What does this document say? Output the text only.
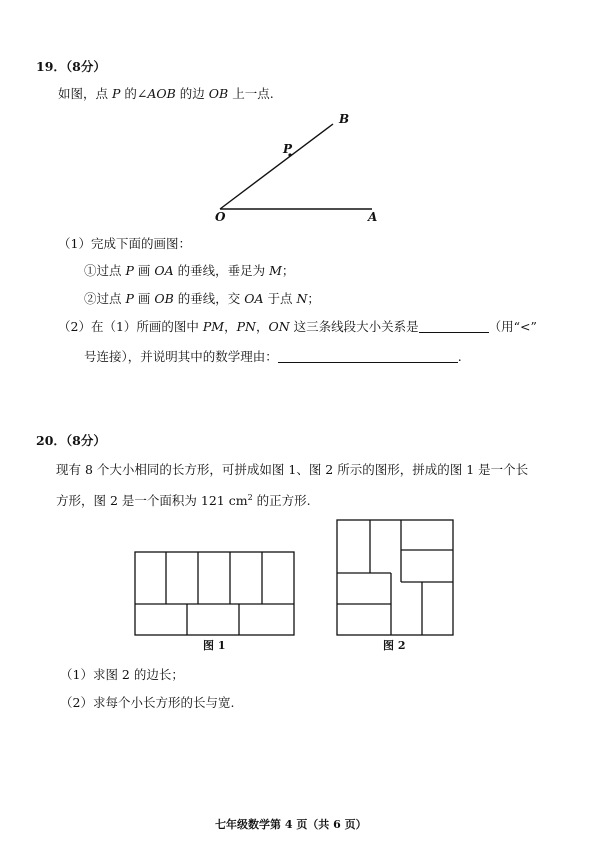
19．（8分）
如图，点 P 的∠AOB 的边 OB 上一点.
B
P
O	A
（1）完成下面的画图：
①过点 P 画 OA 的垂线，垂足为 M；
②过点 P 画 OB 的垂线，交 OA 于点 N；
（2）在（1）所画的图中 PM，PN，ON 这三条线段大小关系是	（用“<”
号连接），并说明其中的数学理由：	.
20．（8分）
现有 8 个大小相同的长方形，可拼成如图 1、图 2 所示的图形，拼成的图 1 是一个长
方形，图 2 是一个面积为 121 $cm^2$ 的正方形.
图 1	图 2
（1）求图 2 的边长；
（2）求每个小长方形的长与宽.
七年级数学第 4 页（共 6 页）
